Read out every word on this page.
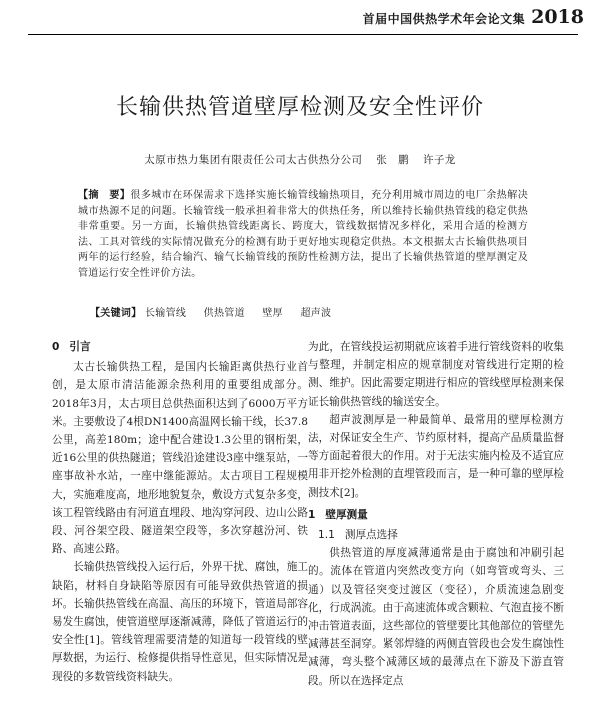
首届中国供热学术年会论文集 2018
长输供热管道壁厚检测及安全性评价
太原市热力集团有限责任公司太古供热分公司 张　鹏 许子龙
【摘　要】很多城市在环保需求下选择实施长输管线输热项目，充分利用城市周边的电厂余热解决城市热源不足的问题。长输管线一般承担着非常大的供热任务，所以维持长输供热管线的稳定供热非常重要。另一方面，长输供热管线距离长、跨度大，管线数据情况多样化，采用合适的检测方法、工具对管线的实际情况做充分的检测有助于更好地实现稳定供热。本文根据太古长输供热项目两年的运行经验，结合输汽、输气长输管线的预防性检测方法，提出了长输供热管道的壁厚测定及管道运行安全性评价方法。
【关键词】 长输管线 供热管道 壁厚 超声波
0 引言

太古长输供热工程，是国内长输距离供热行业首创，是太原市清洁能源余热利用的重要组成部分。2018年3月，太古项目总供热面积达到了6000万平方米。主要敷设了4根DN1400高温网长输干线，长37.8公里，高差180m；途中配合建设1.3公里的钢桁架，近16公里的供热隧道；管线沿途建设3座中继泵站，一座事故补水站，一座中继能源站。太古项目工程规模大，实施难度高，地形地貌复杂，敷设方式复杂多变，该工程管线路由有河道直埋段、地沟穿河段、边山公路段、河谷架空段、隧道架空段等，多次穿越汾河、铁路、高速公路。

长输供热管线投入运行后，外界干扰、腐蚀，施工缺陷，材料自身缺陷等原因有可能导致供热管道的损坏。长输供热管线在高温、高压的环境下，管道局部容易发生腐蚀，使管道壁厚逐渐减薄，降低了管道运行的安全性[1]。管线管理需要清楚的知道每一段管线的壁厚数据，为运行、检修提供指导性意见，但实际情况是现役的多数管线资料缺失。

为此，在管线投运初期就应该着手进行管线资料的收集与整理，并制定相应的规章制度对管线进行定期的检测、维护。因此需要定期进行相应的管线壁厚检测来保证长输供热管线的输送安全。

超声波测厚是一种最简单、最常用的壁厚检测方法，对保证安全生产、节约原材料，提高产品质量监督等方面起着很大的作用。对于无法实施内检及不适宜应用非开挖外检测的直埋管段而言，是一种可靠的壁厚检测技术[2]。

1 壁厚测量
1.1 测厚点选择

供热管道的厚度减薄通常是由于腐蚀和冲刷引起的。流体在管道内突然改变方向（如弯管或弯头、三通）以及管径突变过渡区（变径），介质流速急剧变化，行成涡流。由于高速流体或含颗粒、气泡直接不断冲击管道表面，这些部位的管壁要比其他部位的管壁先减薄甚至洞穿。紧邻焊缝的两侧直管段也会发生腐蚀性减薄，弯头整个减薄区域的最薄点在下游及下游直管段。所以在选择定点
